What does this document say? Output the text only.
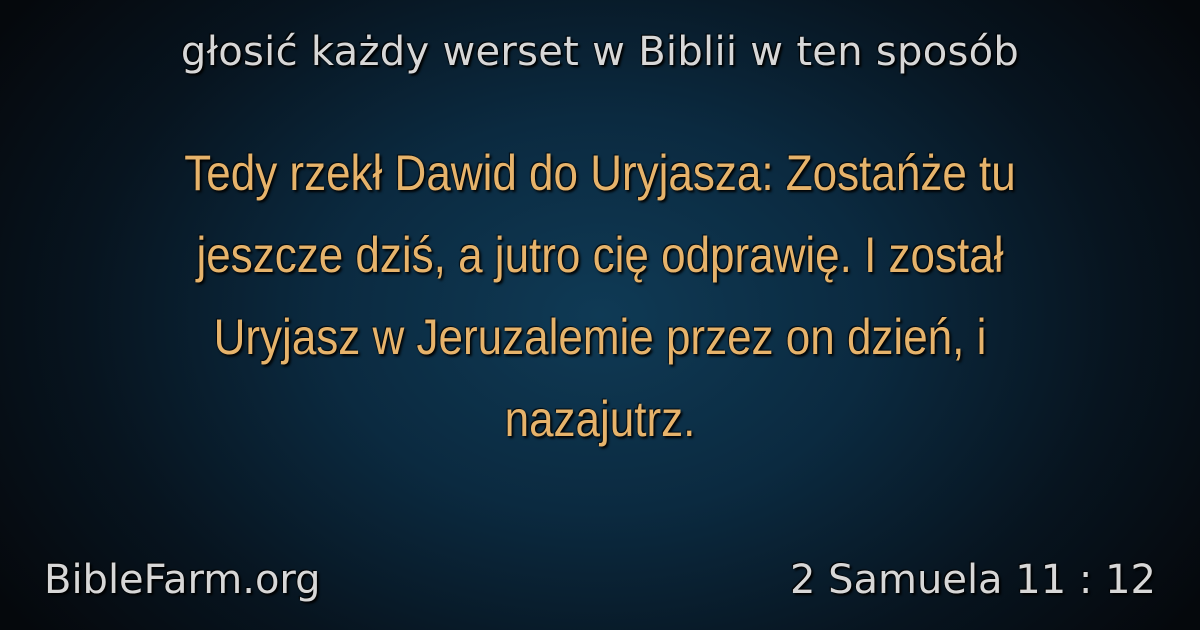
głosić każdy werset w Biblii w ten sposób
Tedy rzekł Dawid do Uryjasza: Zostańże tu jeszcze dziś, a jutro cię odprawię. I został Uryjasz w Jeruzalemie przez on dzień, i nazajutrz.
BibleFarm.org	2 Samuela 11 : 12
